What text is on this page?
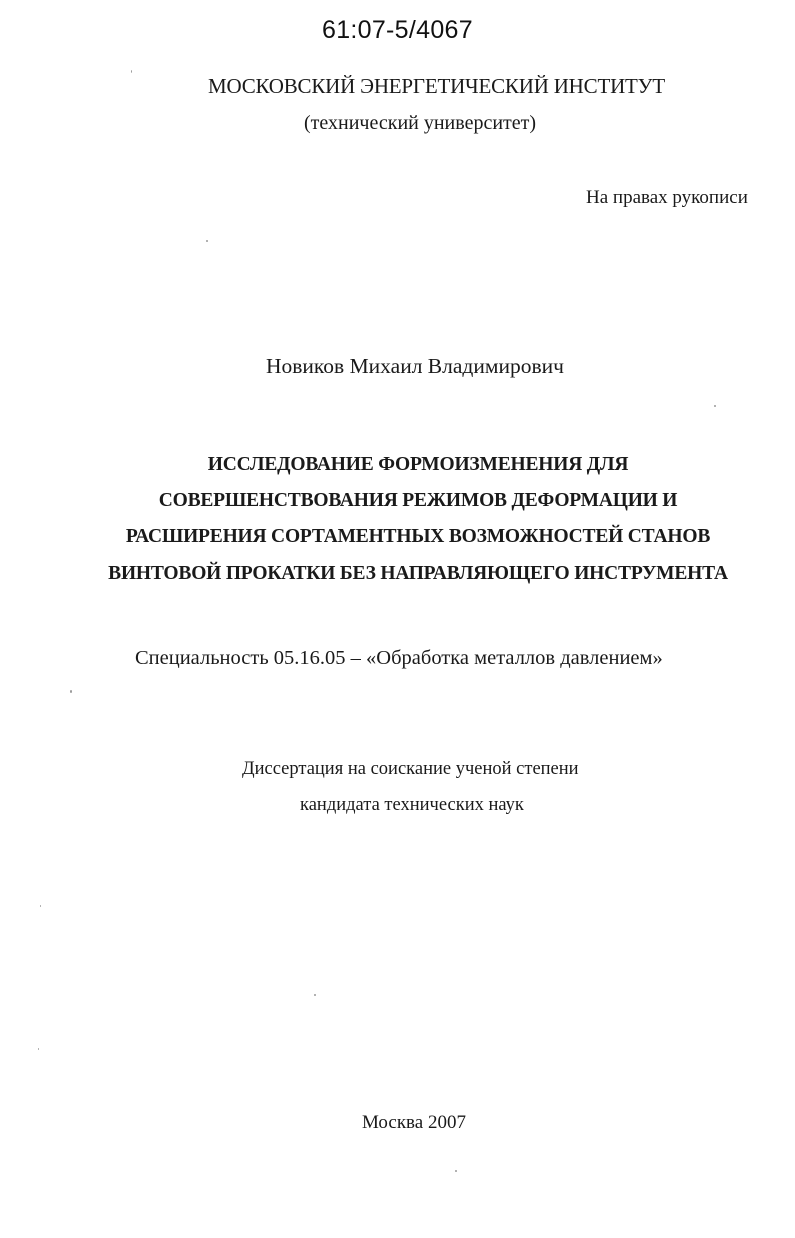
61:07-5/4067
МОСКОВСКИЙ ЭНЕРГЕТИЧЕСКИЙ ИНСТИТУТ
(технический университет)
На правах рукописи
Новиков Михаил Владимирович
ИССЛЕДОВАНИЕ ФОРМОИЗМЕНЕНИЯ ДЛЯ
СОВЕРШЕНСТВОВАНИЯ РЕЖИМОВ ДЕФОРМАЦИИ И
РАСШИРЕНИЯ СОРТАМЕНТНЫХ ВОЗМОЖНОСТЕЙ СТАНОВ
ВИНТОВОЙ ПРОКАТКИ БЕЗ НАПРАВЛЯЮЩЕГО ИНСТРУМЕНТА
Специальность 05.16.05 – «Обработка металлов давлением»
Диссертация на соискание ученой степени
кандидата технических наук
Москва 2007
